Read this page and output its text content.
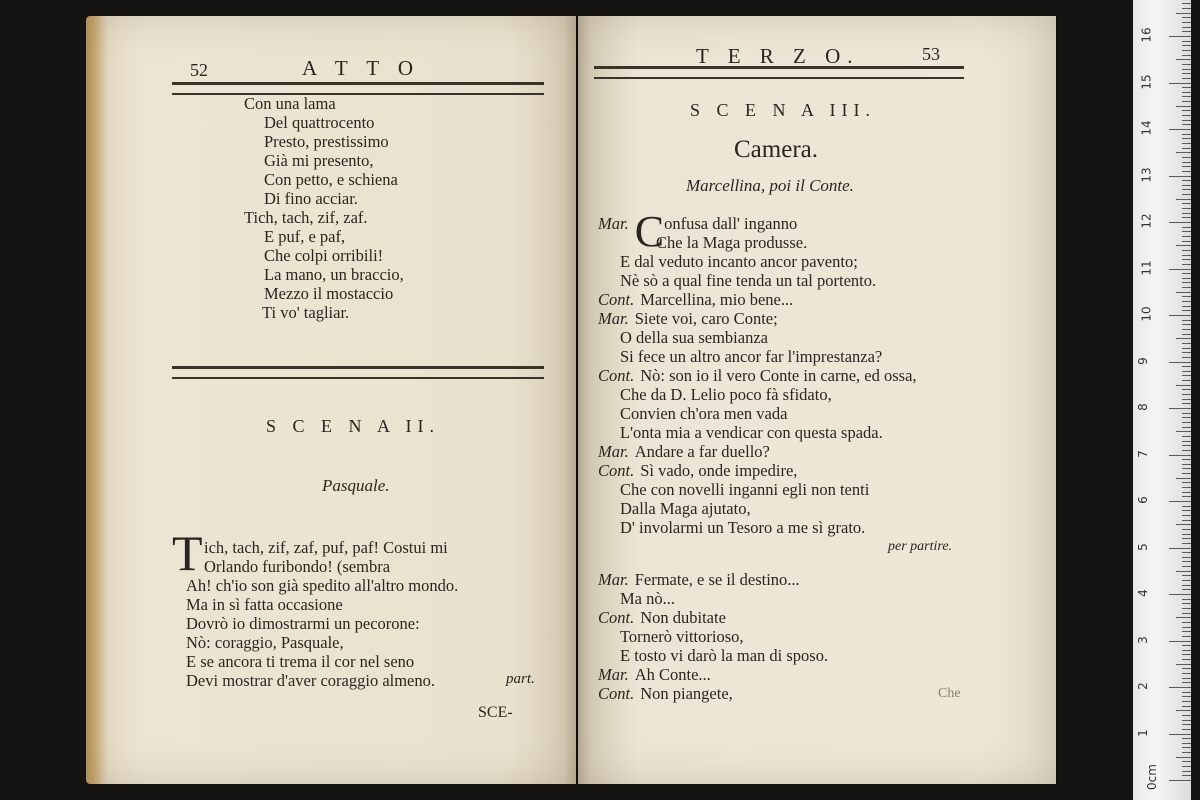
52	A T T O
Con una lama
Del quattrocento
Presto, prestissimo
Già mi presento,
Con petto, e schiena
Di fino acciar.
Tich, tach, zif, zaf.
E puf, e paf,
Che colpi orribili!
La mano, un braccio,
Mezzo il mostaccio
Ti vo' tagliar.
S C E N A II.
Pasquale.
T ich, tach, zif, zaf, puf, paf! Costui mi
Orlando furibondo! (sembra
Ah! ch'io son già spedito all'altro mondo.
Ma in sì fatta occasione
Dovrò io dimostrarmi un pecorone:
Nò: coraggio, Pasquale,
E se ancora ti trema il cor nel seno
Devi mostrar d'aver coraggio almeno.	part.
SCE-
T E R Z O.	53
S C E N A III.
Camera.
Marcellina, poi il Conte.
Mar. Confusa dall' inganno
Che la Maga produsse.
E dal veduto incanto ancor pavento;
Nè sò a qual fine tenda un tal portento.
Cont. Marcellina, mio bene...
Mar. Siete voi, caro Conte;
O della sua sembianza
Si fece un altro ancor far l'imprestanza?
Cont. Nò: son io il vero Conte in carne, ed ossa,
Che da D. Lelio poco fà sfidato,
Convien ch'ora men vada
L'onta mia a vendicar con questa spada.
Mar. Andare a far duello?
Cont. Sì vado, onde impedire,
Che con novelli inganni egli non tenti
Dalla Maga ajutato,
D' involarmi un Tesoro a me sì grato.
per partire.
Mar. Fermate, e se il destino...
Ma nò...
Cont. Non dubitate
Tornerò vittorioso,
E tosto vi darò la man di sposo.
Mar. Ah Conte...
Cont. Non piangete,	Che
0cm
1
2
3
4
5
6
7
8
9
10
11
12
13
14
15
16
